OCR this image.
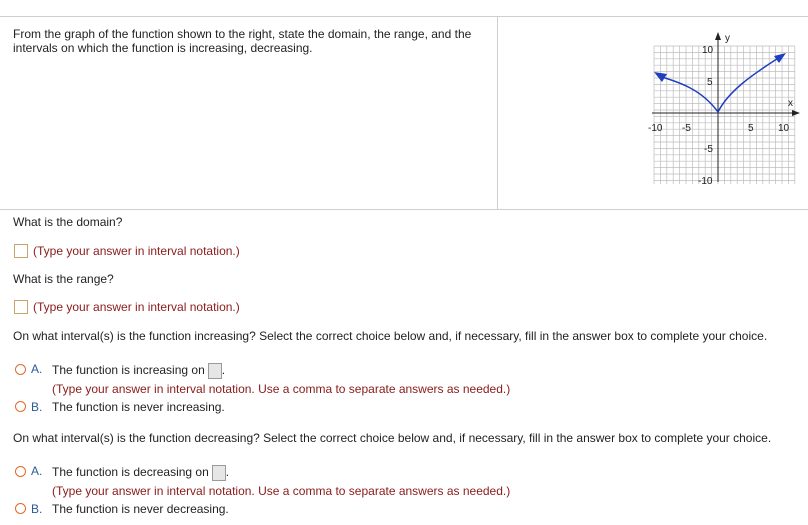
From the graph of the function shown to the right, state the domain, the range, and the
intervals on which the function is increasing, decreasing.
y
x
-10 -5	5 10
10
5
-5
-10
What is the domain?
(Type your answer in interval notation.)
What is the range?
(Type your answer in interval notation.)
On what interval(s) is the function increasing? Select the correct choice below and, if necessary, fill in the answer box to complete your choice.
A. The function is increasing on .
(Type your answer in interval notation. Use a comma to separate answers as needed.)
B. The function is never increasing.
On what interval(s) is the function decreasing? Select the correct choice below and, if necessary, fill in the answer box to complete your choice.
A. The function is decreasing on .
(Type your answer in interval notation. Use a comma to separate answers as needed.)
B. The function is never decreasing.
